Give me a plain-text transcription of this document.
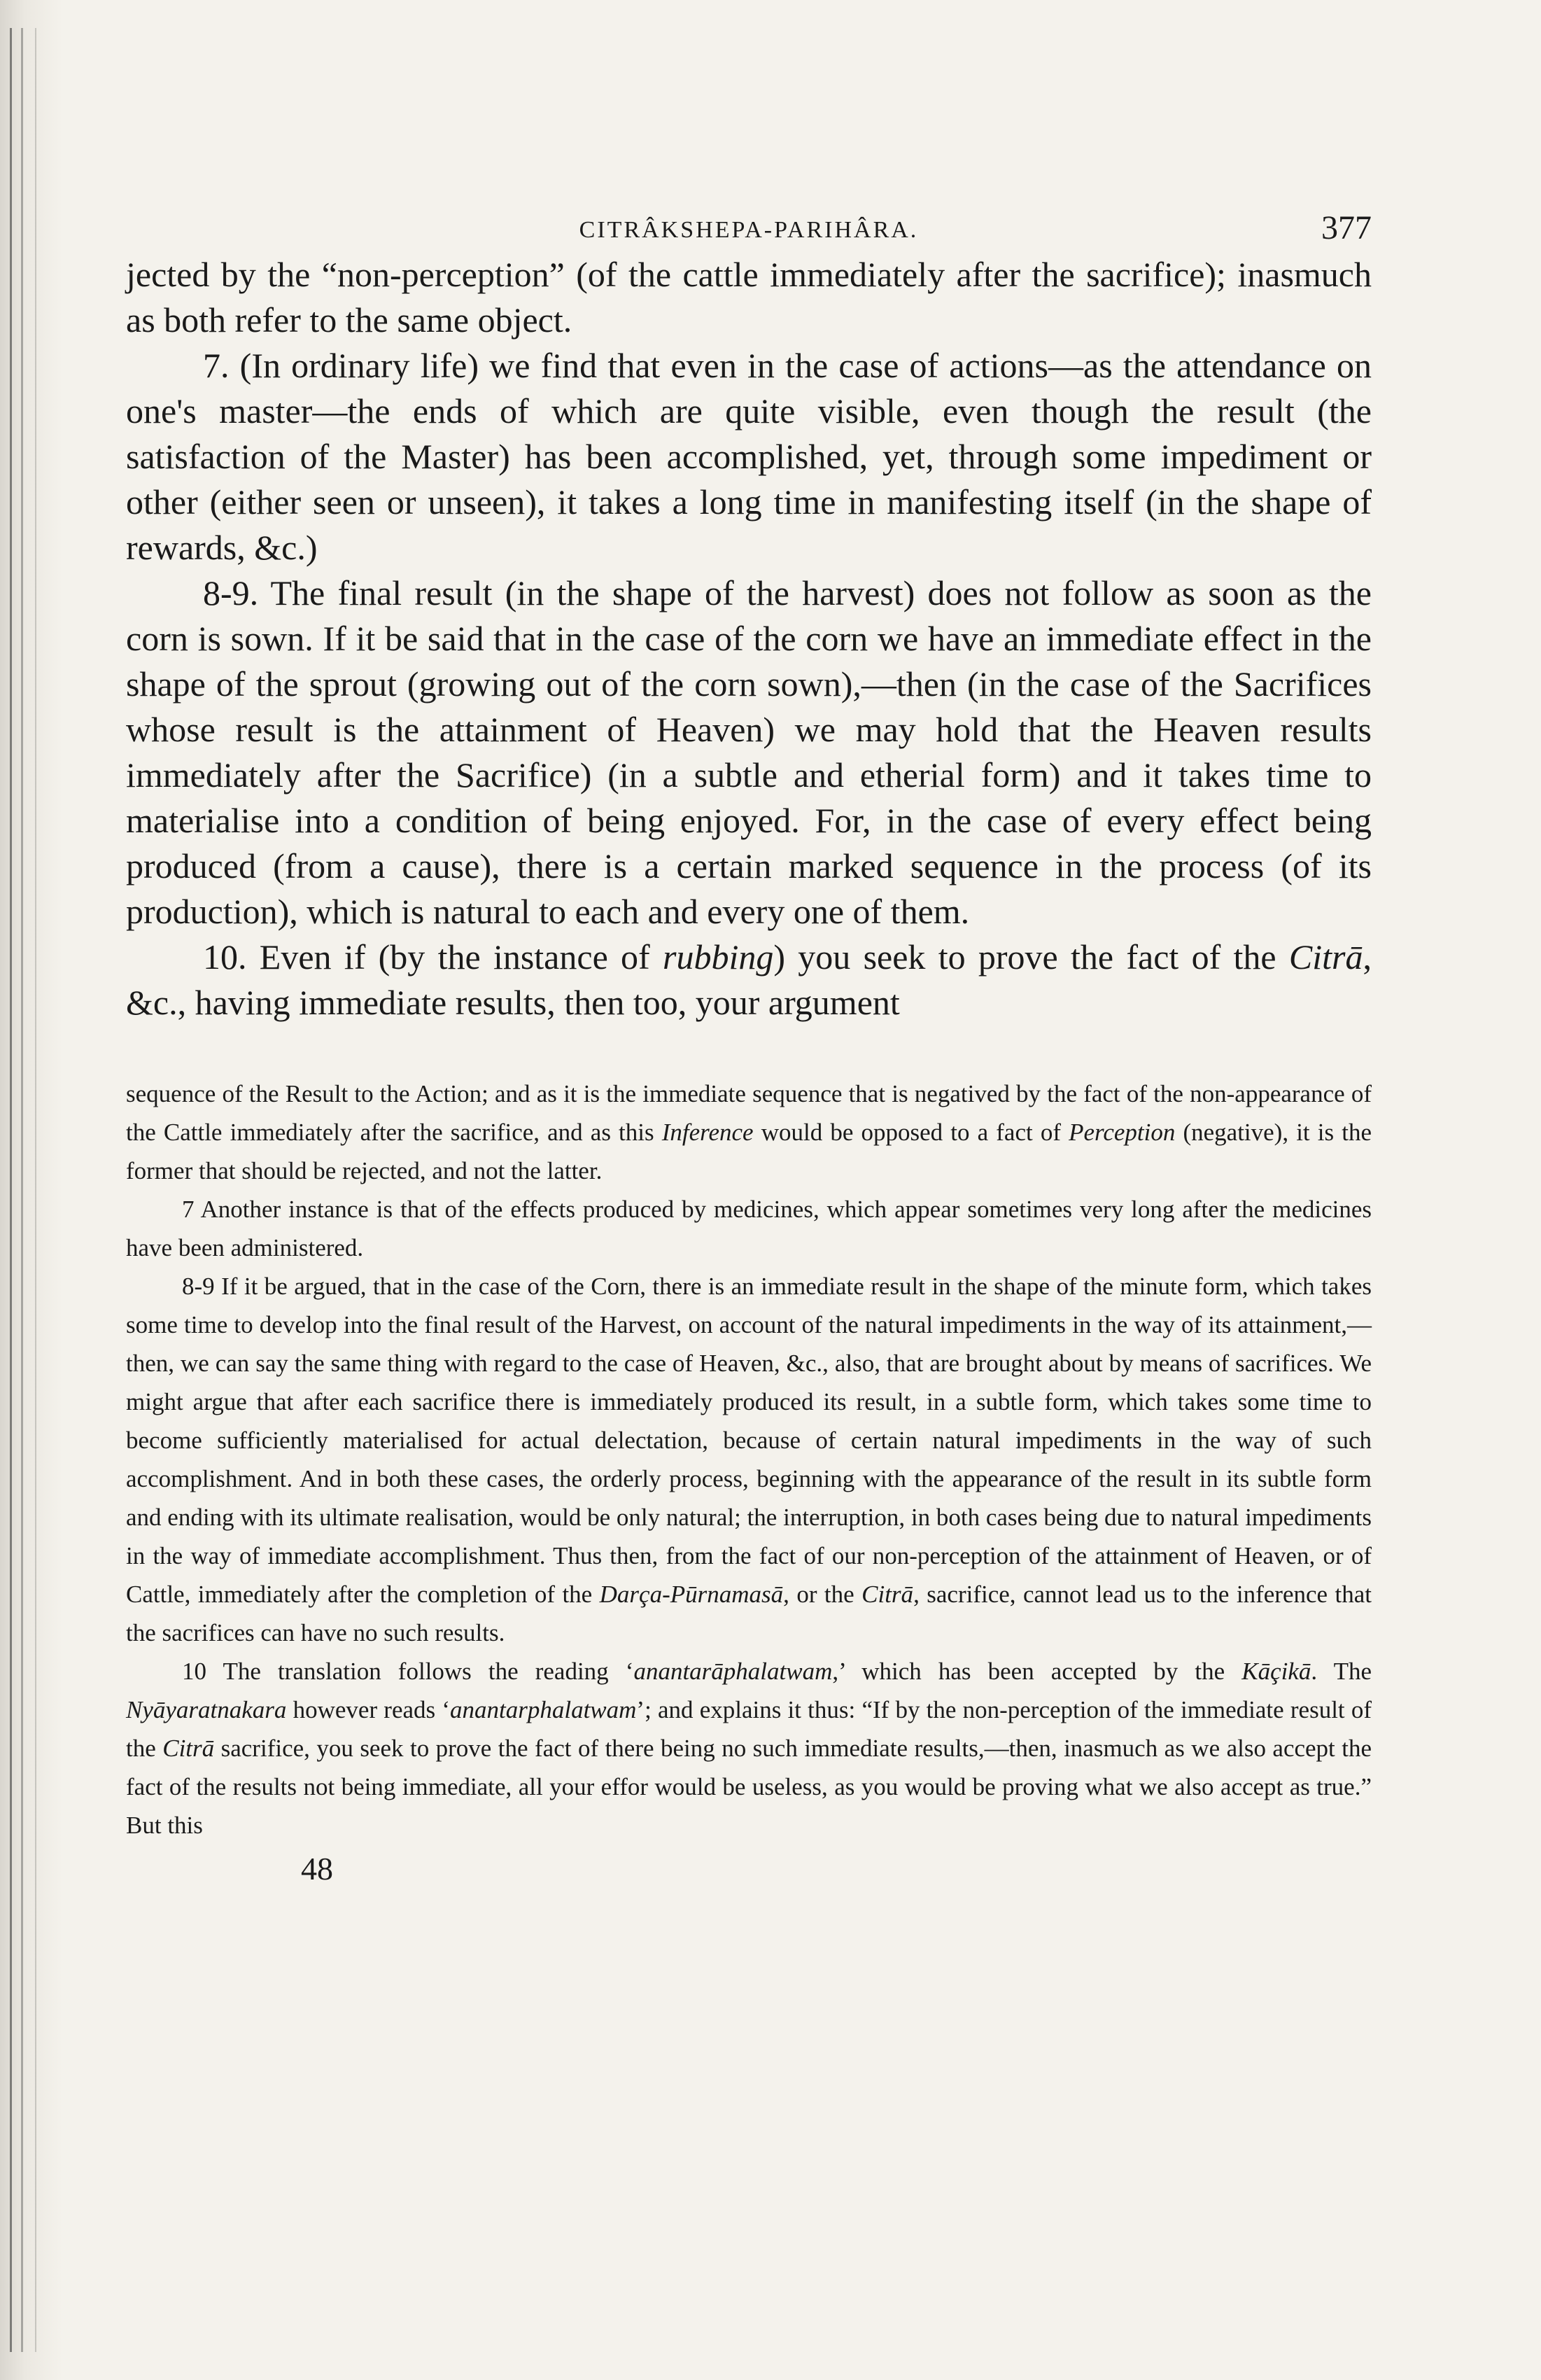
CITRÂKSHEPA-PARIHÂRA.	377

jected by the “non-perception” (of the cattle immediately after the sacrifice); inasmuch as both refer to the same object.

7. (In ordinary life) we find that even in the case of actions—as the attendance on one's master—the ends of which are quite visible, even though the result (the satisfaction of the Master) has been accomplished, yet, through some impediment or other (either seen or unseen), it takes a long time in manifesting itself (in the shape of rewards, &c.)

8-9. The final result (in the shape of the harvest) does not follow as soon as the corn is sown. If it be said that in the case of the corn we have an immediate effect in the shape of the sprout (growing out of the corn sown),—then (in the case of the Sacrifices whose result is the attainment of Heaven) we may hold that the Heaven results immediately after the Sacrifice) (in a subtle and etherial form) and it takes time to materialise into a condition of being enjoyed. For, in the case of every effect being produced (from a cause), there is a certain marked sequence in the process (of its production), which is natural to each and every one of them.

10. Even if (by the instance of rubbing) you seek to prove the fact of the Citrā, &c., having immediate results, then too, your argument

sequence of the Result to the Action; and as it is the immediate sequence that is negatived by the fact of the non-appearance of the Cattle immediately after the sacrifice, and as this Inference would be opposed to a fact of Perception (negative), it is the former that should be rejected, and not the latter.

7 Another instance is that of the effects produced by medicines, which appear sometimes very long after the medicines have been administered.

8-9 If it be argued, that in the case of the Corn, there is an immediate result in the shape of the minute form, which takes some time to develop into the final result of the Harvest, on account of the natural impediments in the way of its attainment,—then, we can say the same thing with regard to the case of Heaven, &c., also, that are brought about by means of sacrifices. We might argue that after each sacrifice there is immediately produced its result, in a subtle form, which takes some time to become sufficiently materialised for actual delectation, because of certain natural impediments in the way of such accomplishment. And in both these cases, the orderly process, beginning with the appearance of the result in its subtle form and ending with its ultimate realisation, would be only natural; the interruption, in both cases being due to natural impediments in the way of immediate accomplishment. Thus then, from the fact of our non-perception of the attainment of Heaven, or of Cattle, immediately after the completion of the Darça-Pūrnamasā, or the Citrā, sacrifice, cannot lead us to the inference that the sacrifices can have no such results.

10 The translation follows the reading ‘anantarāphalatwam,’ which has been accepted by the Kāçikā. The Nyāyaratnakara however reads ‘anantarphalatwam’; and explains it thus: “If by the non-perception of the immediate result of the Citrā sacrifice, you seek to prove the fact of there being no such immediate results,—then, inasmuch as we also accept the fact of the results not being immediate, all your effor would be useless, as you would be proving what we also accept as true.” But this

48
